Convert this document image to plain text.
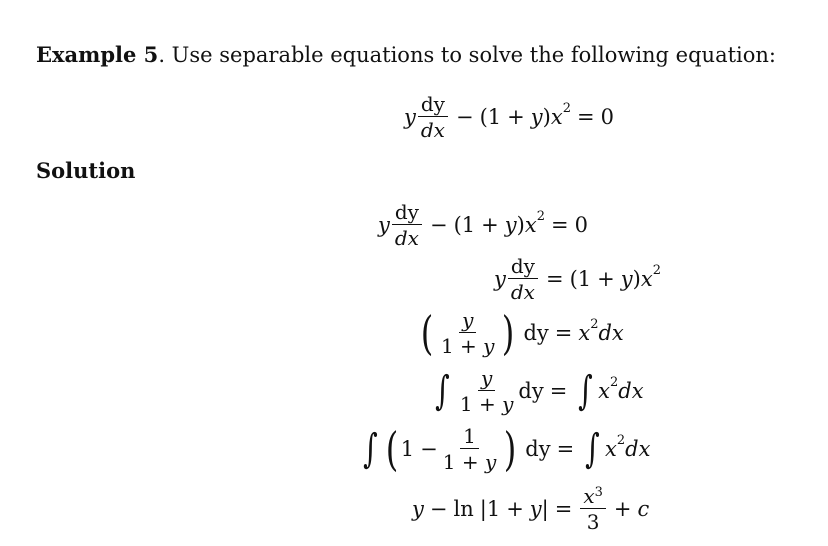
Example 5. Use separable equations to solve the following equation:
y $\frac{dy}{dx}$ − ( 1 + y ) x 2 = 0
Solution
y $\frac{dy}{dx}$ − ( 1 + y ) x 2 = 0
y $\frac{dy}{dx}$ = ( 1 + y ) x 2
( $\frac{y}{1 + y}$ ) dy = x 2 dx
∫ $\frac{y}{1 + y}$ dy = ∫ x 2 dx
∫ ( $1 - \frac{1}{1 + y}$ ) dy = ∫ x 2 dx
y − ln | 1 + y | = $\frac{x^3}{3} + c$
